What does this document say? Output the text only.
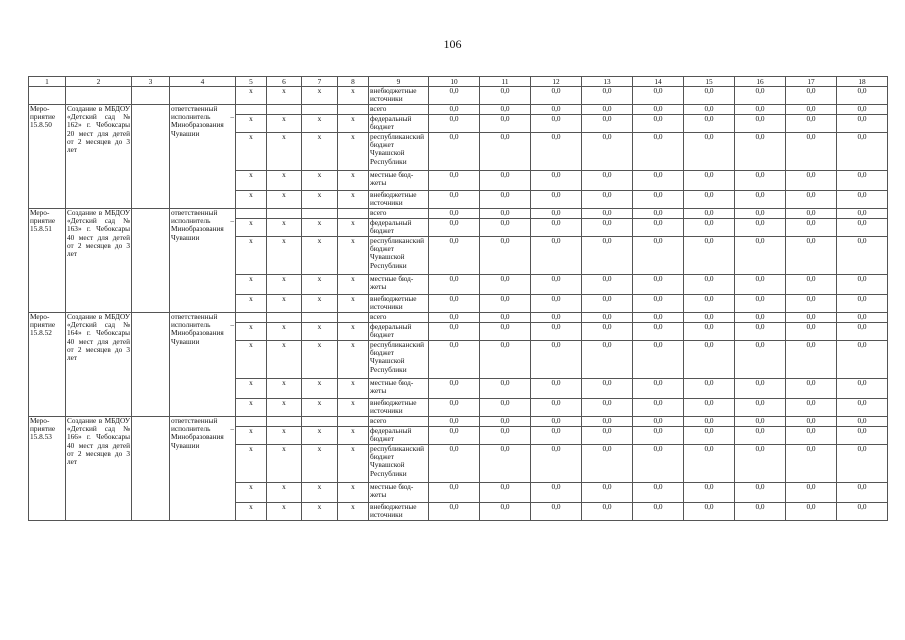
106
1	2	3	4	5	6	7	8	9	10	11	12	13	14	15	16	17	18
				x	x	x	x	внебюджетные источники	0,0	0,0	0,0	0,0	0,0	0,0	0,0	0,0	0,0
Мероприятие 15.8.50	Создание в МБДОУ «Детский сад № 162» г. Чебоксары 20 мест для детей от 2 месяцев до 3 лет		ответственный исполнитель – Минобразования Чувашии					всего	0,0	0,0	0,0	0,0	0,0	0,0	0,0	0,0	0,0
				x	x	x	x	федеральный бюджет	0,0	0,0	0,0	0,0	0,0	0,0	0,0	0,0	0,0
				x	x	x	x	республиканский бюджет Чувашской Республики	0,0	0,0	0,0	0,0	0,0	0,0	0,0	0,0	0,0
				x	x	x	x	местные бюджеты	0,0	0,0	0,0	0,0	0,0	0,0	0,0	0,0	0,0
				x	x	x	x	внебюджетные источники	0,0	0,0	0,0	0,0	0,0	0,0	0,0	0,0	0,0
Мероприятие 15.8.51	Создание в МБДОУ «Детский сад № 163» г. Чебоксары 40 мест для детей от 2 месяцев до 3 лет		ответственный исполнитель – Минобразования Чувашии					всего	0,0	0,0	0,0	0,0	0,0	0,0	0,0	0,0	0,0
				x	x	x	x	федеральный бюджет	0,0	0,0	0,0	0,0	0,0	0,0	0,0	0,0	0,0
				x	x	x	x	республиканский бюджет Чувашской Республики	0,0	0,0	0,0	0,0	0,0	0,0	0,0	0,0	0,0
				x	x	x	x	местные бюджеты	0,0	0,0	0,0	0,0	0,0	0,0	0,0	0,0	0,0
				x	x	x	x	внебюджетные источники	0,0	0,0	0,0	0,0	0,0	0,0	0,0	0,0	0,0
Мероприятие 15.8.52	Создание в МБДОУ «Детский сад № 164» г. Чебоксары 40 мест для детей от 2 месяцев до 3 лет		ответственный исполнитель – Минобразования Чувашии					всего	0,0	0,0	0,0	0,0	0,0	0,0	0,0	0,0	0,0
				x	x	x	x	федеральный бюджет	0,0	0,0	0,0	0,0	0,0	0,0	0,0	0,0	0,0
				x	x	x	x	республиканский бюджет Чувашской Республики	0,0	0,0	0,0	0,0	0,0	0,0	0,0	0,0	0,0
				x	x	x	x	местные бюджеты	0,0	0,0	0,0	0,0	0,0	0,0	0,0	0,0	0,0
				x	x	x	x	внебюджетные источники	0,0	0,0	0,0	0,0	0,0	0,0	0,0	0,0	0,0
Мероприятие 15.8.53	Создание в МБДОУ «Детский сад № 166» г. Чебоксары 40 мест для детей от 2 месяцев до 3 лет		ответственный исполнитель – Минобразования Чувашии					всего	0,0	0,0	0,0	0,0	0,0	0,0	0,0	0,0	0,0
				x	x	x	x	федеральный бюджет	0,0	0,0	0,0	0,0	0,0	0,0	0,0	0,0	0,0
				x	x	x	x	республиканский бюджет Чувашской Республики	0,0	0,0	0,0	0,0	0,0	0,0	0,0	0,0	0,0
				x	x	x	x	местные бюджеты	0,0	0,0	0,0	0,0	0,0	0,0	0,0	0,0	0,0
				x	x	x	x	внебюджетные источники	0,0	0,0	0,0	0,0	0,0	0,0	0,0	0,0	0,0
